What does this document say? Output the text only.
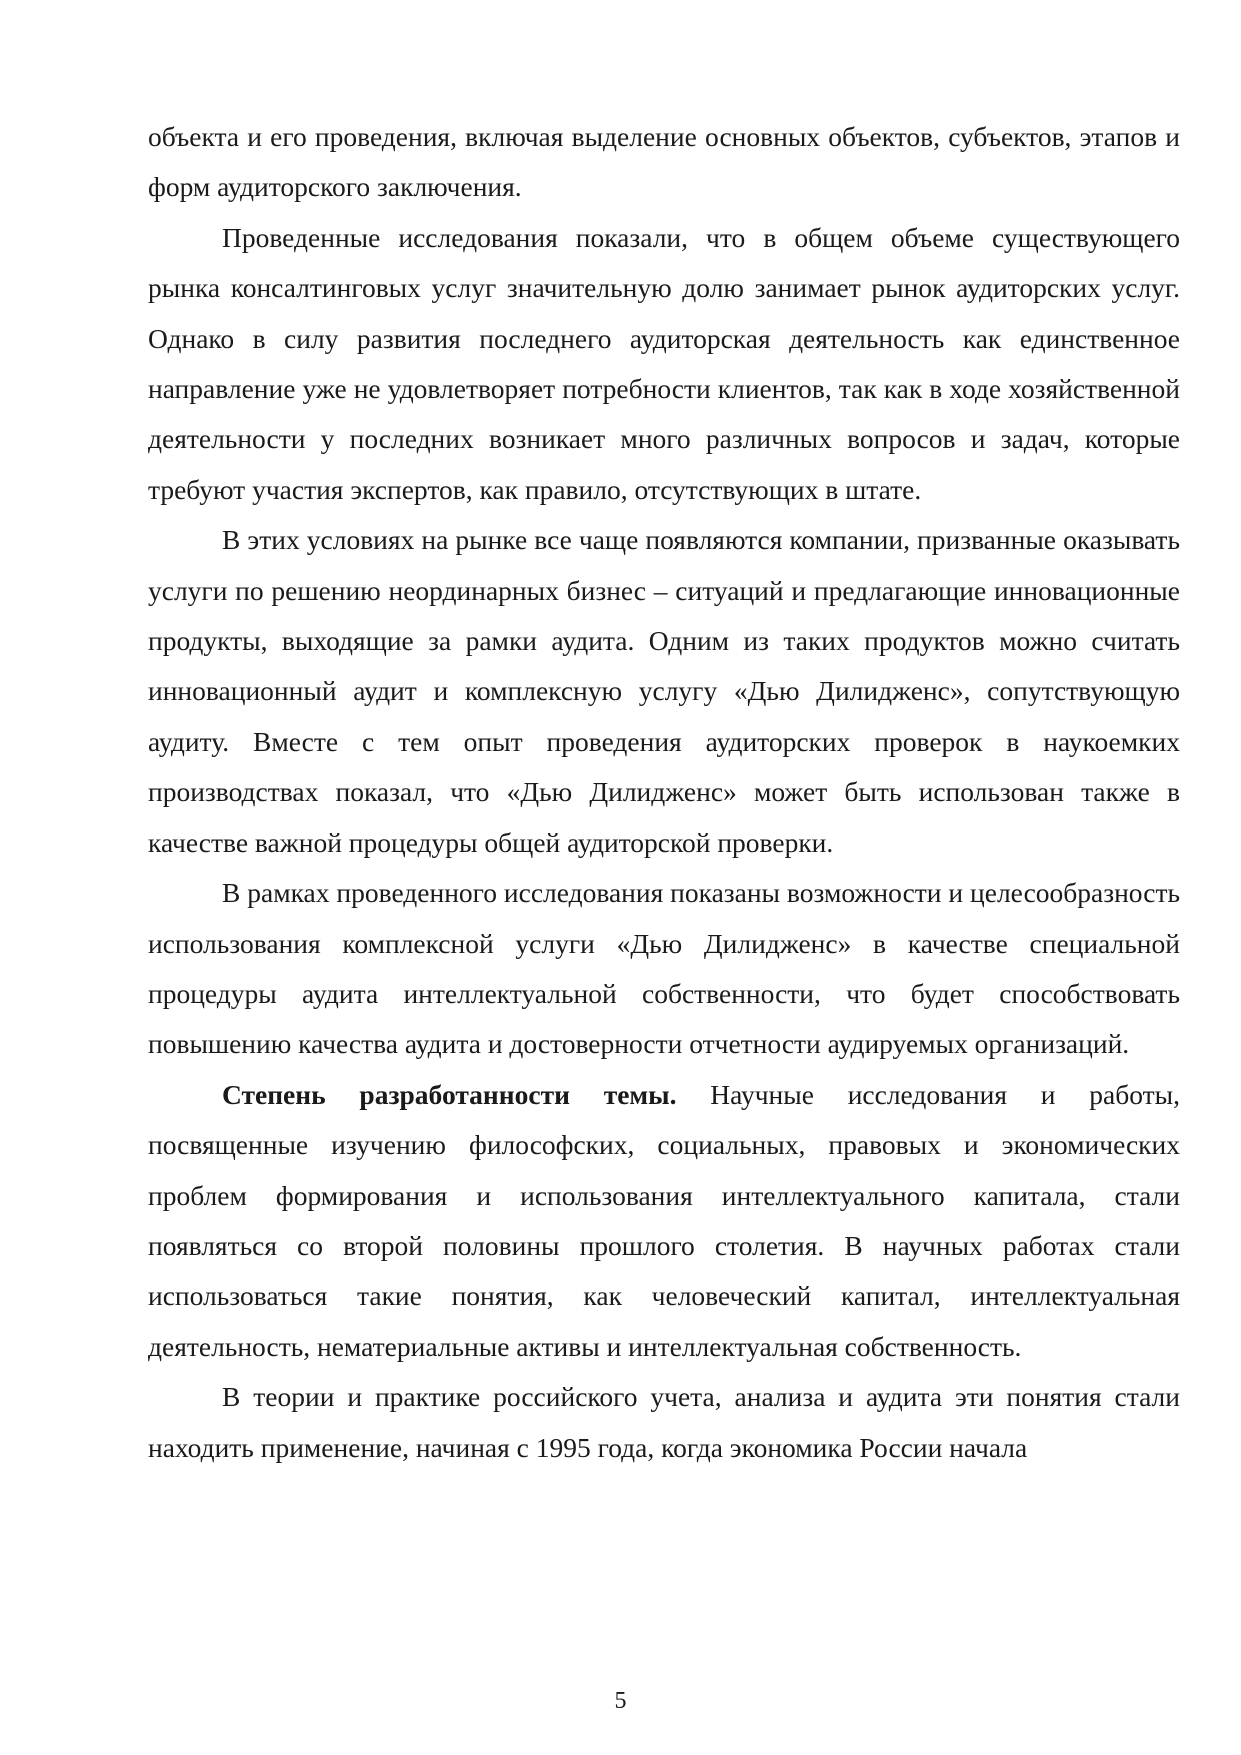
объекта и его проведения, включая выделение основных объектов, субъектов, этапов и форм аудиторского заключения.

Проведенные исследования показали, что в общем объеме существующего рынка консалтинговых услуг значительную долю занимает рынок аудиторских услуг. Однако в силу развития последнего аудиторская деятельность как единственное направление уже не удовлетворяет потребности клиентов, так как в ходе хозяйственной деятельности у последних возникает много различных вопросов и задач, которые требуют участия экспертов, как правило, отсутствующих в штате.

В этих условиях на рынке все чаще появляются компании, призванные оказывать услуги по решению неординарных бизнес – ситуаций и предлагающие инновационные продукты, выходящие за рамки аудита. Одним из таких продуктов можно считать инновационный аудит и комплексную услугу «Дью Дилидженс», сопутствующую аудиту. Вместе с тем опыт проведения аудиторских проверок в наукоемких производствах показал, что «Дью Дилидженс» может быть использован также в качестве важной процедуры общей аудиторской проверки.

В рамках проведенного исследования показаны возможности и целесообразность использования комплексной услуги «Дью Дилидженс» в качестве специальной процедуры аудита интеллектуальной собственности, что будет способствовать повышению качества аудита и достоверности отчетности аудируемых организаций.

Степень разработанности темы. Научные исследования и работы, посвященные изучению философских, социальных, правовых и экономических проблем формирования и использования интеллектуального капитала, стали появляться со второй половины прошлого столетия. В научных работах стали использоваться такие понятия, как человеческий капитал, интеллектуальная деятельность, нематериальные активы и интеллектуальная собственность.

В теории и практике российского учета, анализа и аудита эти понятия стали находить применение, начиная с 1995 года, когда экономика России начала

5
